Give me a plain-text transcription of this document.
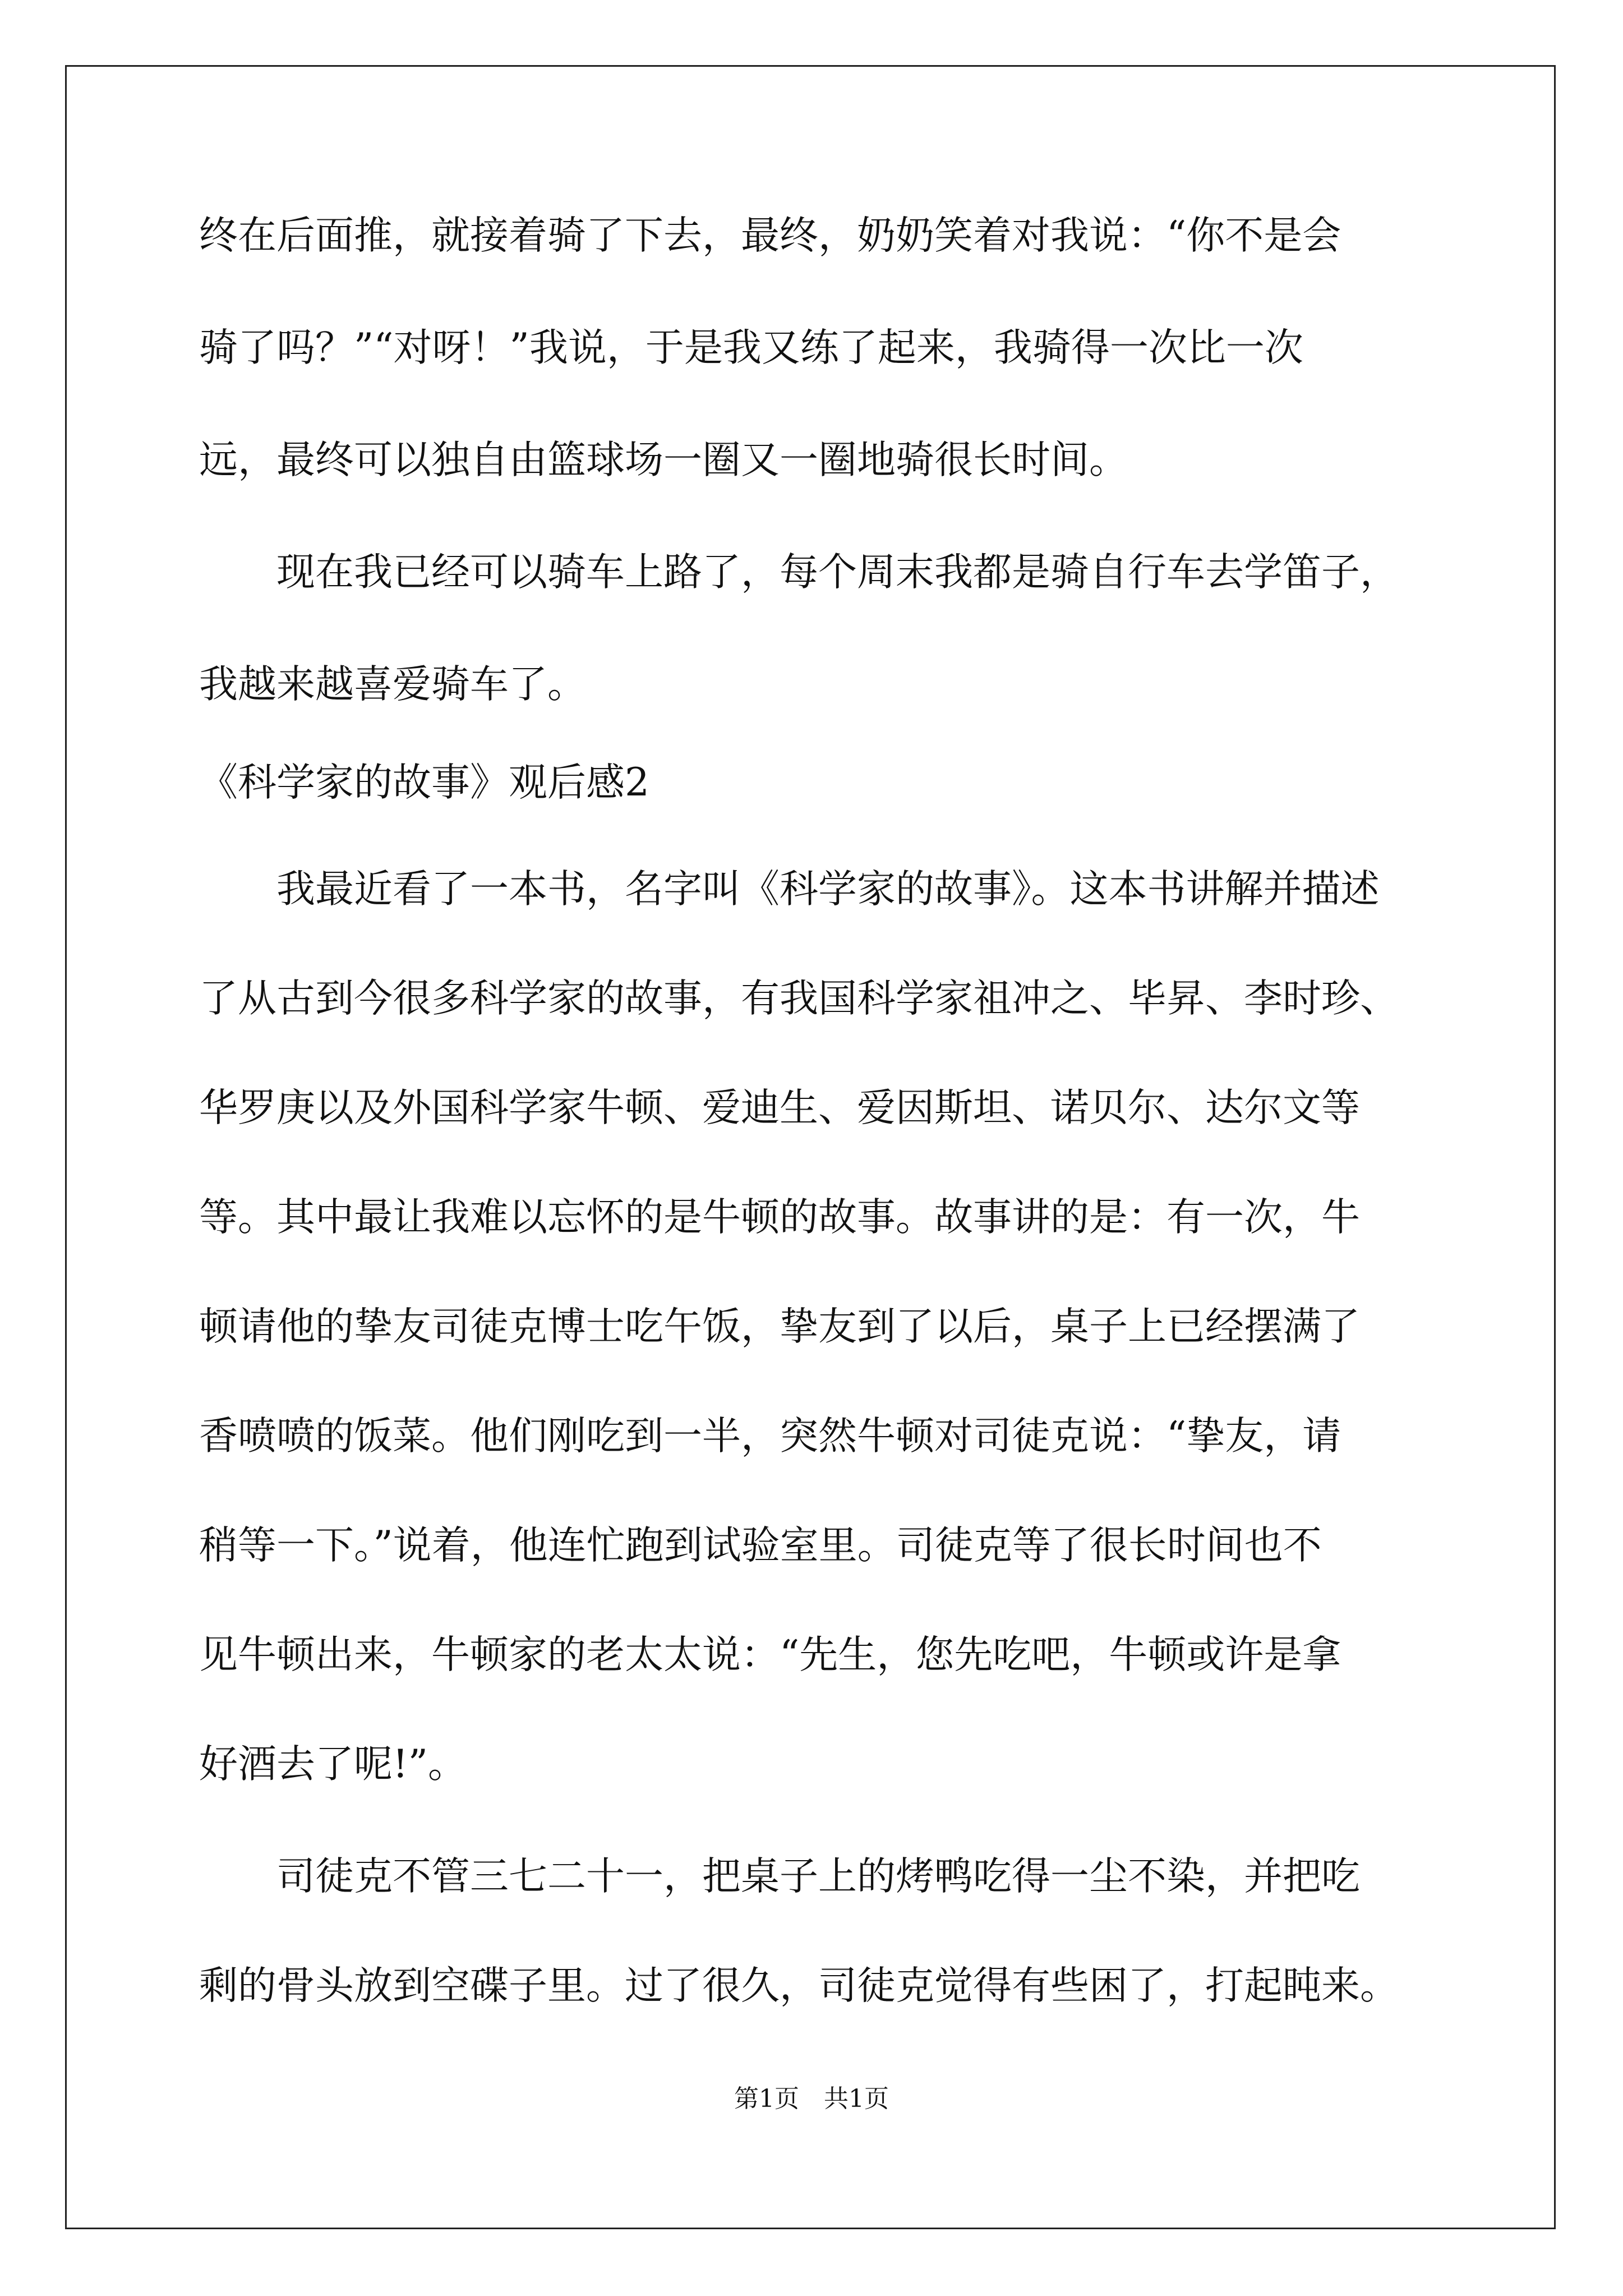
终在后面推，就接着骑了下去，最终，奶奶笑着对我说：“你不是会

骑了吗？”“对呀！”我说，于是我又练了起来，我骑得一次比一次

远，最终可以独自由篮球场一圈又一圈地骑很长时间。

　　现在我已经可以骑车上路了，每个周末我都是骑自行车去学笛子，

我越来越喜爱骑车了。

《科学家的故事》观后感2

　　我最近看了一本书，名字叫《科学家的故事》。这本书讲解并描述

了从古到今很多科学家的故事，有我国科学家祖冲之、毕昇、李时珍、

华罗庚以及外国科学家牛顿、爱迪生、爱因斯坦、诺贝尔、达尔文等

等。其中最让我难以忘怀的是牛顿的故事。故事讲的是：有一次，牛

顿请他的挚友司徒克博士吃午饭，挚友到了以后，桌子上已经摆满了

香喷喷的饭菜。他们刚吃到一半，突然牛顿对司徒克说：“挚友，请

稍等一下。”说着，他连忙跑到试验室里。司徒克等了很长时间也不

见牛顿出来，牛顿家的老太太说：“先生，您先吃吧，牛顿或许是拿

好酒去了呢!”。

　　司徒克不管三七二十一，把桌子上的烤鸭吃得一尘不染，并把吃

剩的骨头放到空碟子里。过了很久，司徒克觉得有些困了，打起盹来。

第1页　共1页
